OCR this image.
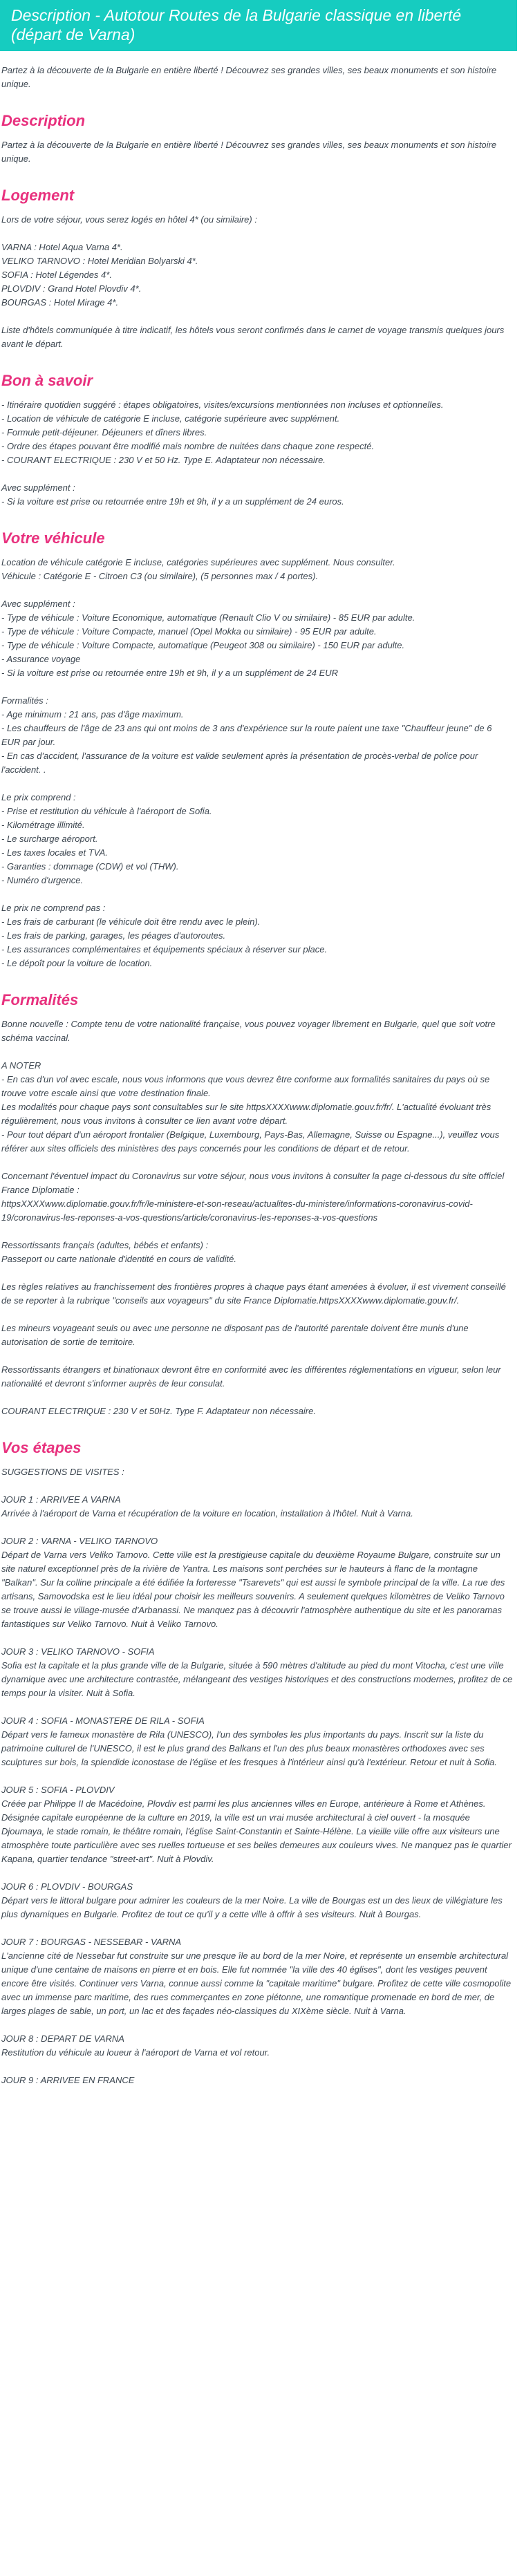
Description - Autotour Routes de la Bulgarie classique en liberté (départ de Varna)

Partez à la découverte de la Bulgarie en entière liberté ! Découvrez ses grandes villes, ses beaux monuments et son histoire unique.

Description

Partez à la découverte de la Bulgarie en entière liberté ! Découvrez ses grandes villes, ses beaux monuments et son histoire unique.

Logement

Lors de votre séjour, vous serez logés en hôtel 4* (ou similaire) :

VARNA : Hotel Aqua Varna 4*.
VELIKO TARNOVO : Hotel Meridian Bolyarski 4*.
SOFIA : Hotel Légendes 4*.
PLOVDIV : Grand Hotel Plovdiv 4*.
BOURGAS : Hotel Mirage 4*.

Liste d'hôtels communiquée à titre indicatif, les hôtels vous seront confirmés dans le carnet de voyage transmis quelques jours avant le départ.

Bon à savoir

- Itinéraire quotidien suggéré : étapes obligatoires, visites/excursions mentionnées non incluses et optionnelles.
- Location de véhicule de catégorie E incluse, catégorie supérieure avec supplément.
- Formule petit-déjeuner. Déjeuners et dîners libres.
- Ordre des étapes pouvant être modifié mais nombre de nuitées dans chaque zone respecté.
- COURANT ELECTRIQUE : 230 V et 50 Hz. Type E. Adaptateur non nécessaire.

Avec supplément :
- Si la voiture est prise ou retournée entre 19h et 9h, il y a un supplément de 24 euros.

Votre véhicule

Location de véhicule catégorie E incluse, catégories supérieures avec supplément. Nous consulter.
Véhicule : Catégorie E - Citroen C3 (ou similaire), (5 personnes max / 4 portes).

Avec supplément :
- Type de véhicule : Voiture Economique, automatique (Renault Clio V ou similaire) - 85 EUR par adulte.
- Type de véhicule : Voiture Compacte, manuel (Opel Mokka ou similaire) - 95 EUR par adulte.
- Type de véhicule : Voiture Compacte, automatique (Peugeot 308 ou similaire) - 150 EUR par adulte.
- Assurance voyage
- Si la voiture est prise ou retournée entre 19h et 9h, il y a un supplément de 24 EUR

Formalités :
- Age minimum : 21 ans, pas d'âge maximum.
- Les chauffeurs de l'âge de 23 ans qui ont moins de 3 ans d'expérience sur la route paient une taxe "Chauffeur jeune" de 6 EUR par jour.
- En cas d'accident, l'assurance de la voiture est valide seulement après la présentation de procès-verbal de police pour l'accident. .

Le prix comprend :
- Prise et restitution du véhicule à l'aéroport de Sofia.
- Kilométrage illimité.
- Le surcharge aéroport.
- Les taxes locales et TVA.
- Garanties : dommage (CDW) et vol (THW).
- Numéro d'urgence.

Le prix ne comprend pas :
- Les frais de carburant (le véhicule doit être rendu avec le plein).
- Les frais de parking, garages, les péages d'autoroutes.
- Les assurances complémentaires et équipements spéciaux à réserver sur place.
- Le dépoît pour la voiture de location.

Formalités

Bonne nouvelle : Compte tenu de votre nationalité française, vous pouvez voyager librement en Bulgarie, quel que soit votre schéma vaccinal.

A NOTER
- En cas d'un vol avec escale, nous vous informons que vous devrez être conforme aux formalités sanitaires du pays où se trouve votre escale ainsi que votre destination finale.
Les modalités pour chaque pays sont consultables sur le site httpsXXXXwww.diplomatie.gouv.fr/fr/. L'actualité évoluant très régulièrement, nous vous invitons à consulter ce lien avant votre départ.
- Pour tout départ d'un aéroport frontalier (Belgique, Luxembourg, Pays-Bas, Allemagne, Suisse ou Espagne...), veuillez vous référer aux sites officiels des ministères des pays concernés pour les conditions de départ et de retour.

Concernant l'éventuel impact du Coronavirus sur votre séjour, nous vous invitons à consulter la page ci-dessous du site officiel France Diplomatie :
httpsXXXXwww.diplomatie.gouv.fr/fr/le-ministere-et-son-reseau/actualites-du-ministere/informations-coronavirus-covid-19/coronavirus-les-reponses-a-vos-questions/article/coronavirus-les-reponses-a-vos-questions

Ressortissants français (adultes, bébés et enfants) :
Passeport ou carte nationale d'identité en cours de validité.

Les règles relatives au franchissement des frontières propres à chaque pays étant amenées à évoluer, il est vivement conseillé de se reporter à la rubrique "conseils aux voyageurs" du site France Diplomatie.httpsXXXXwww.diplomatie.gouv.fr/.

Les mineurs voyageant seuls ou avec une personne ne disposant pas de l'autorité parentale doivent être munis d'une autorisation de sortie de territoire.

Ressortissants étrangers et binationaux devront être en conformité avec les différentes réglementations en vigueur, selon leur nationalité et devront s'informer auprès de leur consulat.

COURANT ELECTRIQUE : 230 V et 50Hz. Type F. Adaptateur non nécessaire.

Vos étapes

SUGGESTIONS DE VISITES :

JOUR 1 : ARRIVEE A VARNA

Arrivée à l'aéroport de Varna et récupération de la voiture en location, installation à l'hôtel. Nuit à Varna.

JOUR 2 : VARNA - VELIKO TARNOVO

Départ de Varna vers Veliko Tarnovo. Cette ville est la prestigieuse capitale du deuxième Royaume Bulgare, construite sur un site naturel exceptionnel près de la rivière de Yantra. Les maisons sont perchées sur le hauteurs à flanc de la montagne "Balkan". Sur la colline principale a été édifiée la forteresse "Tsarevets" qui est aussi le symbole principal de la ville. La rue des artisans, Samovodska est le lieu idéal pour choisir les meilleurs souvenirs. A seulement quelques kilomètres de Veliko Tarnovo se trouve aussi le village-musée d'Arbanassi. Ne manquez pas à découvrir l'atmosphère authentique du site et les panoramas fantastiques sur Veliko Tarnovo. Nuit à Veliko Tarnovo.

JOUR 3 : VELIKO TARNOVO - SOFIA

Sofia est la capitale et la plus grande ville de la Bulgarie, située à 590 mètres d'altitude au pied du mont Vitocha, c'est une ville dynamique avec une architecture contrastée, mélangeant des vestiges historiques et des constructions modernes, profitez de ce temps pour la visiter. Nuit à Sofia.

JOUR 4 : SOFIA - MONASTERE DE RILA - SOFIA

Départ vers le fameux monastère de Rila (UNESCO), l'un des symboles les plus importants du pays. Inscrit sur la liste du patrimoine culturel de l'UNESCO, il est le plus grand des Balkans et l'un des plus beaux monastères orthodoxes avec ses sculptures sur bois, la splendide iconostase de l'église et les fresques à l'intérieur ainsi qu'à l'extérieur. Retour et nuit à Sofia.

JOUR 5 : SOFIA - PLOVDIV

Créée par Philippe II de Macédoine, Plovdiv est parmi les plus anciennes villes en Europe, antérieure à Rome et Athènes. Désignée capitale européenne de la culture en 2019, la ville est un vrai musée architectural à ciel ouvert - la mosquée Djoumaya, le stade romain, le théâtre romain, l'église Saint-Constantin et Sainte-Hélène. La vieille ville offre aux visiteurs une atmosphère toute particulière avec ses ruelles tortueuse et ses belles demeures aux couleurs vives. Ne manquez pas le quartier Kapana, quartier tendance "street-art". Nuit à Plovdiv.

JOUR 6 : PLOVDIV - BOURGAS

Départ vers le littoral bulgare pour admirer les couleurs de la mer Noire. La ville de Bourgas est un des lieux de villégiature les plus dynamiques en Bulgarie. Profitez de tout ce qu'il y a cette ville à offrir à ses visiteurs. Nuit à Bourgas.

JOUR 7 : BOURGAS - NESSEBAR - VARNA

L'ancienne cité de Nessebar fut construite sur une presque île au bord de la mer Noire, et représente un ensemble architectural unique d'une centaine de maisons en pierre et en bois. Elle fut nommée "la ville des 40 églises", dont les vestiges peuvent encore être visités. Continuer vers Varna, connue aussi comme la "capitale maritime" bulgare. Profitez de cette ville cosmopolite avec un immense parc maritime, des rues commerçantes en zone piétonne, une romantique promenade en bord de mer, de larges plages de sable, un port, un lac et des façades néo-classiques du XIXème siècle. Nuit à Varna.

JOUR 8 : DEPART DE VARNA

Restitution du véhicule au loueur à l'aéroport de Varna et vol retour.

JOUR 9 : ARRIVEE EN FRANCE
